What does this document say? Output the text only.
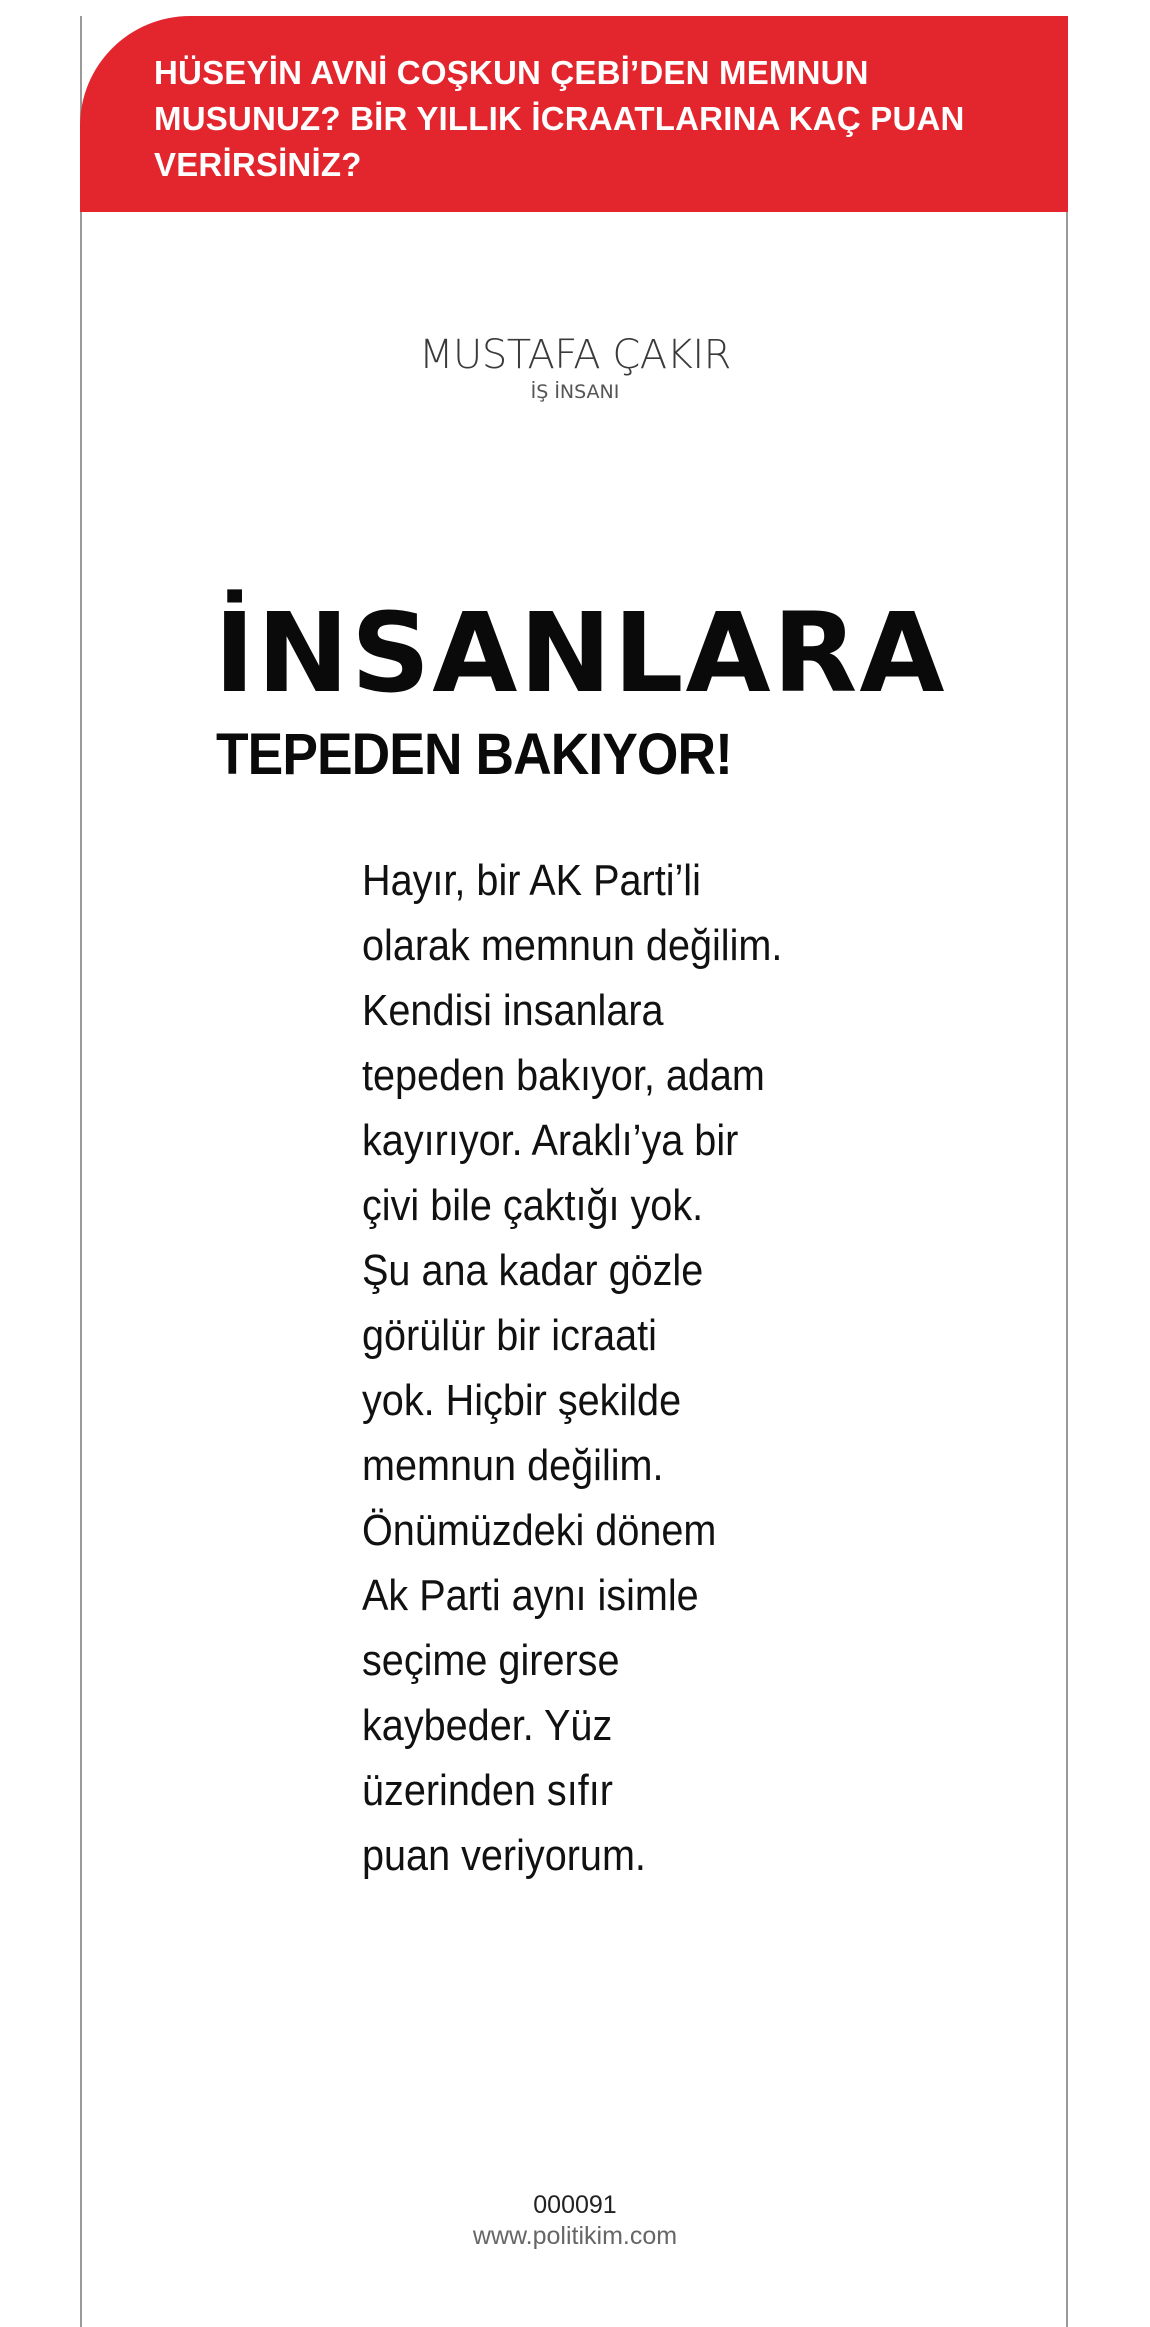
HÜSEYİN AVNİ COŞKUN ÇEBİ’DEN MEMNUN
MUSUNUZ? BİR YILLIK İCRAATLARINA KAÇ PUAN
VERİRSİNİZ?

MUSTAFA ÇAKIR
İŞ İNSANI
İNSANLARA
TEPEDEN BAKIYOR!
Hayır, bir AK Parti’li
olarak memnun değilim.
Kendisi insanlara
tepeden bakıyor, adam
kayırıyor. Araklı’ya bir
çivi bile çaktığı yok.
Şu ana kadar gözle
görülür bir icraati
yok. Hiçbir şekilde
memnun değilim.
Önümüzdeki dönem
Ak Parti aynı isimle
seçime girerse
kaybeder. Yüz
üzerinden sıfır
puan veriyorum.
000091
www.politikim.com
